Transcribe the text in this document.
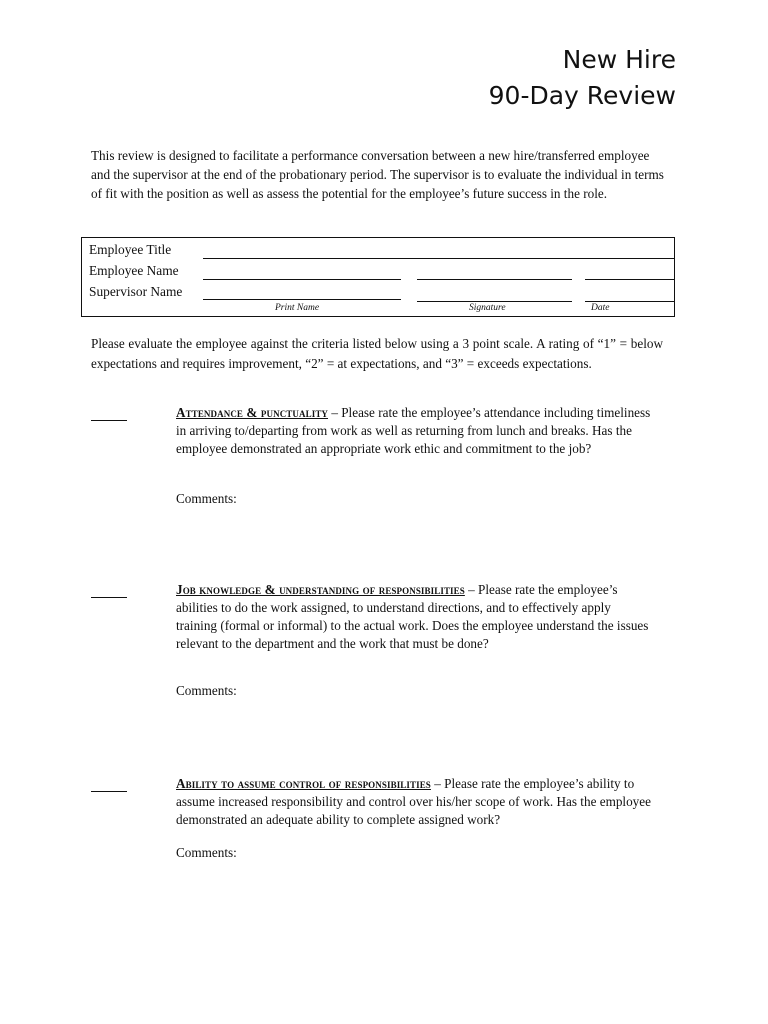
New Hire
90-Day Review
This review is designed to facilitate a performance conversation between a new hire/transferred employee and the supervisor at the end of the probationary period. The supervisor is to evaluate the individual in terms of fit with the position as well as assess the potential for the employee’s future success in the role.
Employee Title
Employee Name
Supervisor Name
Print Name	Signature	Date
Please evaluate the employee against the criteria listed below using a 3 point scale. A rating of “1” = below expectations and requires improvement, “2” = at expectations, and “3” = exceeds expectations.
Attendance & punctuality – Please rate the employee’s attendance including timeliness in arriving to/departing from work as well as returning from lunch and breaks. Has the employee demonstrated an appropriate work ethic and commitment to the job?
Comments:
Job knowledge & understanding of responsibilities – Please rate the employee’s abilities to do the work assigned, to understand directions, and to effectively apply training (formal or informal) to the actual work. Does the employee understand the issues relevant to the department and the work that must be done?
Comments:
Ability to assume control of responsibilities – Please rate the employee’s ability to assume increased responsibility and control over his/her scope of work. Has the employee demonstrated an adequate ability to complete assigned work?
Comments:
